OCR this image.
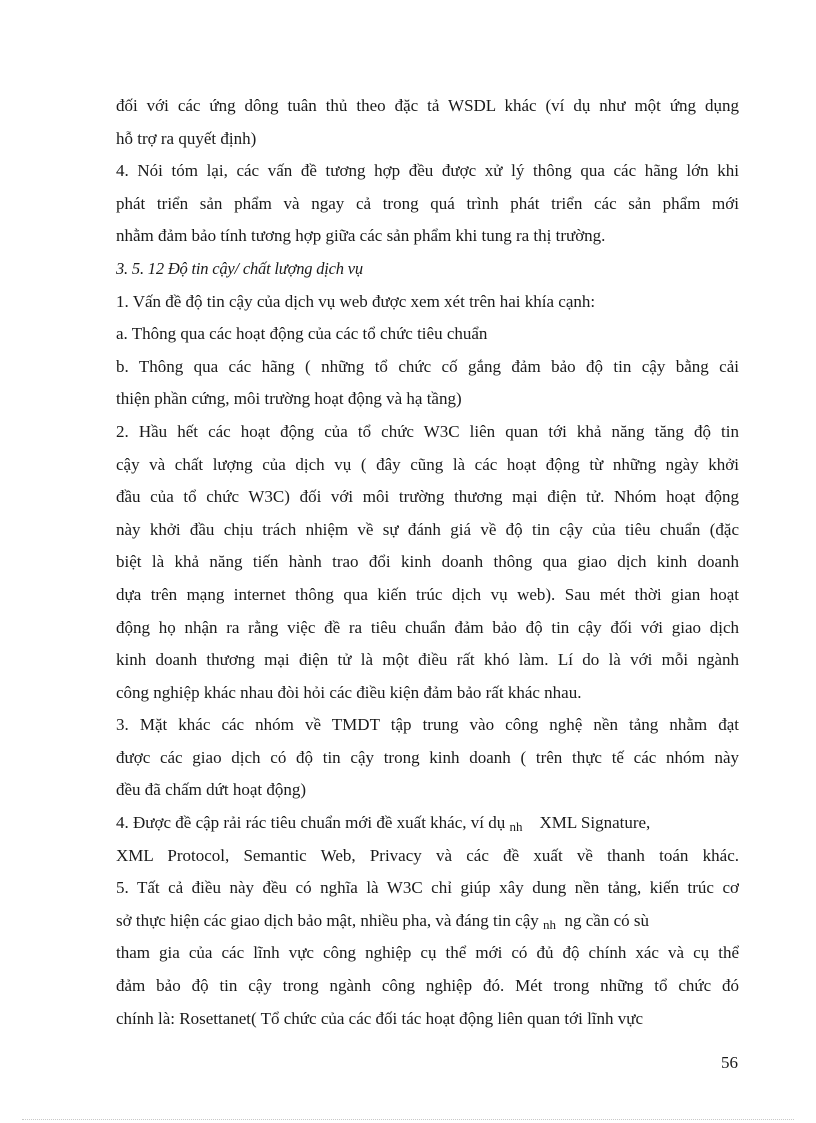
đối với các ứng dông tuân thủ theo đặc tả WSDL khác (ví dụ như một ứng dụng
hỗ trợ ra quyết định)
4. Nói tóm lại, các vấn đề tương hợp đều được xử lý thông qua các hãng lớn khi
phát triển sản phẩm và ngay cả trong quá trình phát triển các sản phẩm mới
nhằm đảm bảo tính tương hợp giữa các sản phẩm khi tung ra thị trường.
3. 5. 12 Độ tin cậy/ chất lượng dịch vụ
1. Vấn đề độ tin cậy của dịch vụ web được xem xét trên hai khía cạnh:
a. Thông qua các hoạt động của các tổ chức tiêu chuẩn
b. Thông qua các hãng ( những tổ chức cố gắng đảm bảo độ tin cậy bằng cải
thiện phần cứng, môi trường hoạt động và hạ tầng)
2. Hầu hết các hoạt động của tổ chức W3C liên quan tới khả năng tăng độ tin
cậy và chất lượng của dịch vụ ( đây cũng là các hoạt động từ những ngày khởi
đầu của tổ chức W3C) đối với môi trường thương mại điện tử. Nhóm hoạt động
này khởi đầu chịu trách nhiệm về sự đánh giá về độ tin cậy của tiêu chuẩn (đặc
biệt là khả năng tiến hành trao đổi kinh doanh thông qua giao dịch kinh doanh
dựa trên mạng internet thông qua kiến trúc dịch vụ web). Sau mét thời gian hoạt
động họ nhận ra rằng việc đề ra tiêu chuẩn đảm bảo độ tin cậy đối với giao dịch
kinh doanh thương mại điện tử là một điều rất khó làm. Lí do là với mỗi ngành
công nghiệp khác nhau đòi hỏi các điều kiện đảm bảo rất khác nhau.
3. Mặt khác các nhóm về TMDT tập trung vào công nghệ nền tảng nhằm đạt
được các giao dịch có độ tin cậy trong kinh doanh ( trên thực tế các nhóm này
đều đã chấm dứt hoạt động)
4. Được đề cập rải rác tiêu chuẩn mới đề xuất khác, ví dụ $_{nh}$    XML Signature,
XML Protocol, Semantic Web, Privacy và các đề xuất về thanh toán khác.
5. Tất cả điều này đều có nghĩa là W3C chỉ giúp xây dung nền tảng, kiến trúc cơ
sở thực hiện các giao dịch bảo mật, nhiều pha, và đáng tin cậy $_{nh}$  ng cần có sù
tham gia của các lĩnh vực công nghiệp cụ thể mới có đủ độ chính xác và cụ thể
đảm bảo độ tin cậy trong ngành công nghiệp đó. Mét trong những tổ chức đó
chính là: Rosettanet( Tổ chức của các đối tác hoạt động liên quan tới lĩnh vực
56
